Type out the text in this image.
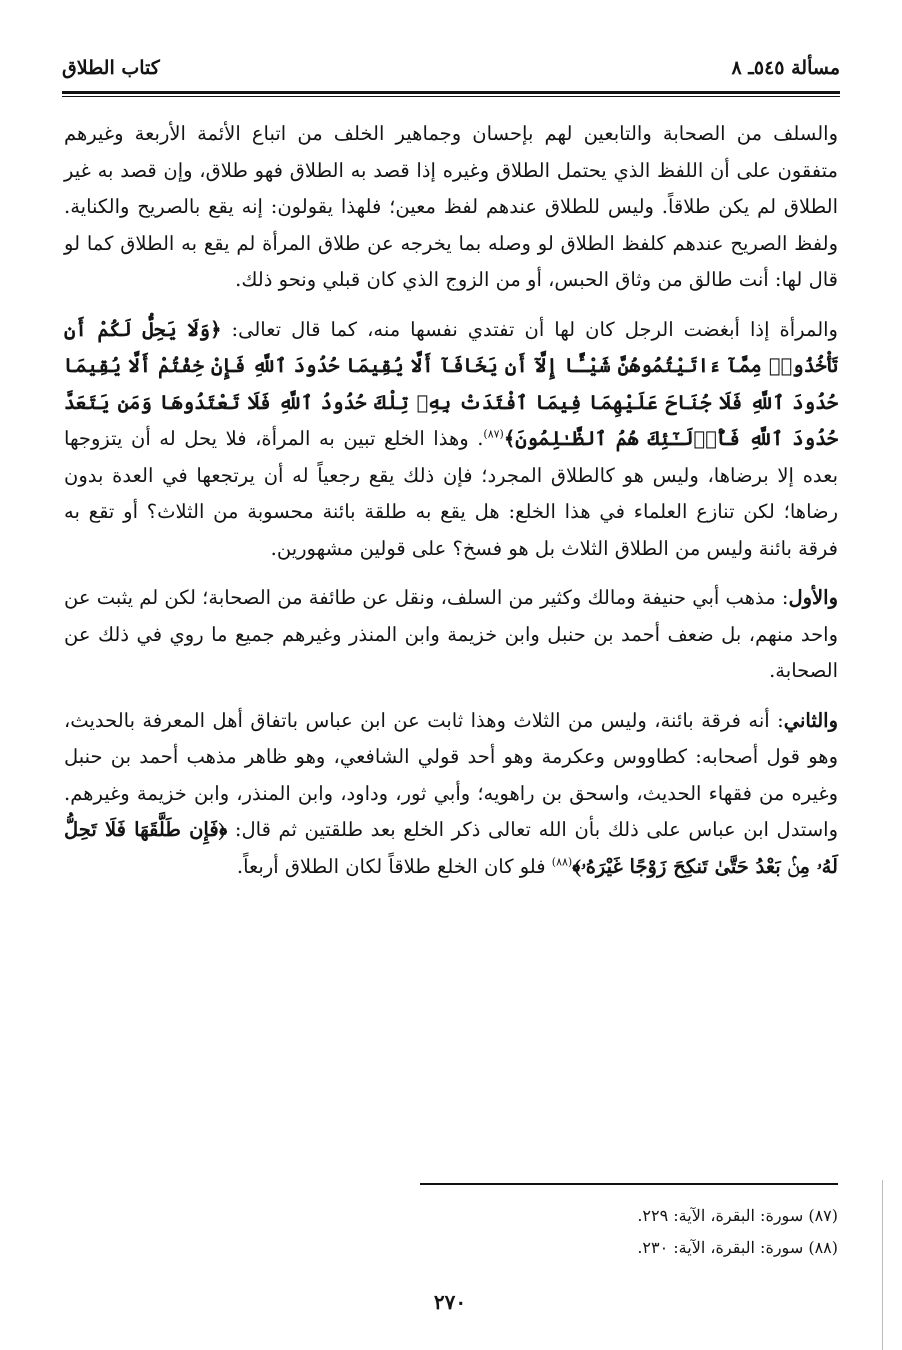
مسألة ٥٤٥ـ ٨
كتاب الطلاق

والسلف من الصحابة والتابعين لهم بإحسان وجماهير الخلف من اتباع الأئمة الأربعة وغيرهم متفقون على أن اللفظ الذي يحتمل الطلاق وغيره إذا قصد به الطلاق فهو طلاق، وإن قصد به غير الطلاق لم يكن طلاقاً. وليس للطلاق عندهم لفظ معين؛ فلهذا يقولون: إنه يقع بالصريح والكناية. ولفظ الصريح عندهم كلفظ الطلاق لو وصله بما يخرجه عن طلاق المرأة لم يقع به الطلاق كما لو قال لها: أنت طالق من وثاق الحبس، أو من الزوج الذي كان قبلي ونحو ذلك.

والمرأة إذا أبغضت الرجل كان لها أن تفتدي نفسها منه، كما قال تعالى: ﴿وَلَا يَحِلُّ لَكُمْ أَن تَأْخُذُوا۟ مِمَّآ ءَاتَيْتُمُوهُنَّ شَيْـًٔا إِلَّآ أَن يَخَافَآ أَلَّا يُقِيمَا حُدُودَ ٱللَّهِ فَإِنْ خِفْتُمْ أَلَّا يُقِيمَا حُدُودَ ٱللَّهِ فَلَا جُنَاحَ عَلَيْهِمَا فِيمَا ٱفْتَدَتْ بِهِۦ تِلْكَ حُدُودُ ٱللَّهِ فَلَا تَعْتَدُوهَا وَمَن يَتَعَدَّ حُدُودَ ٱللَّهِ فَأُو۟لَـٰٓئِكَ هُمُ ٱلظَّـٰلِمُونَ﴾$^{(٨٧)}$. وهذا الخلع تبين به المرأة، فلا يحل له أن يتزوجها بعده إلا برضاها، وليس هو كالطلاق المجرد؛ فإن ذلك يقع رجعياً له أن يرتجعها في العدة بدون رضاها؛ لكن تنازع العلماء في هذا الخلع: هل يقع به طلقة بائنة محسوبة من الثلاث؟ أو تقع به فرقة بائنة وليس من الطلاق الثلاث بل هو فسخ؟ على قولين مشهورين.

والأول: مذهب أبي حنيفة ومالك وكثير من السلف، ونقل عن طائفة من الصحابة؛ لكن لم يثبت عن واحد منهم، بل ضعف أحمد بن حنبل وابن خزيمة وابن المنذر وغيرهم جميع ما روي في ذلك عن الصحابة.

والثاني: أنه فرقة بائنة، وليس من الثلاث وهذا ثابت عن ابن عباس باتفاق أهل المعرفة بالحديث، وهو قول أصحابه: كطاووس وعكرمة وهو أحد قولي الشافعي، وهو ظاهر مذهب أحمد بن حنبل وغيره من فقهاء الحديث، واسحق بن راهويه؛ وأبي ثور، وداود، وابن المنذر، وابن خزيمة وغيرهم. واستدل ابن عباس على ذلك بأن الله تعالى ذكر الخلع بعد طلقتين ثم قال: ﴿فَإِن طَلَّقَهَا فَلَا تَحِلُّ لَهُۥ مِنۢ بَعْدُ حَتَّىٰ تَنكِحَ زَوْجًا غَيْرَهُۥ﴾$^{(٨٨)}$ فلو كان الخلع طلاقاً لكان الطلاق أربعاً.

(٨٧) سورة: البقرة، الآية: ٢٢٩.
(٨٨) سورة: البقرة، الآية: ٢٣٠.
٢٧٠
